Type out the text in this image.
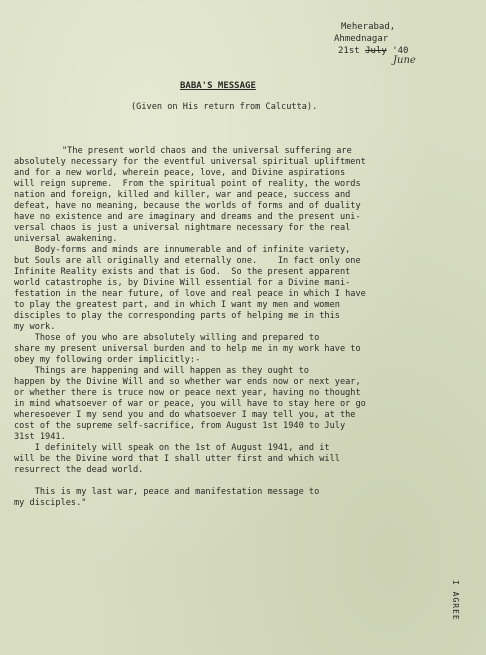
Meherabad,
Ahmednagar
21st July '40
June
BABA'S MESSAGE
(Given on His return from Calcutta).

"The present world chaos and the universal suffering are
absolutely necessary for the eventful universal spiritual upliftment
and for a new world, wherein peace, love, and Divine aspirations
will reign supreme.  From the spiritual point of reality, the words
nation and foreign, killed and killer, war and peace, success and
defeat, have no meaning, because the worlds of forms and of duality
have no existence and are imaginary and dreams and the present uni-
versal chaos is just a universal nightmare necessary for the real
universal awakening.
Body-forms and minds are innumerable and of infinite variety,
but Souls are all originally and eternally one.    In fact only one
Infinite Reality exists and that is God.  So the present apparent
world catastrophe is, by Divine Will essential for a Divine mani-
festation in the near future, of love and real peace in which I have
to play the greatest part, and in which I want my men and women
disciples to play the corresponding parts of helping me in this
my work.
Those of you who are absolutely willing and prepared to
share my present universal burden and to help me in my work have to
obey my following order implicitly:-
Things are happening and will happen as they ought to
happen by the Divine Will and so whether war ends now or next year,
or whether there is truce now or peace next year, having no thought
in mind whatsoever of war or peace, you will have to stay here or go
wheresoever I my send you and do whatsoever I may tell you, at the
cost of the supreme self-sacrifice, from August 1st 1940 to July
31st 1941.
I definitely will speak on the 1st of August 1941, and it
will be the Divine word that I shall utter first and which will
resurrect the dead world.
This is my last war, peace and manifestation message to
my disciples."

I AGREE
